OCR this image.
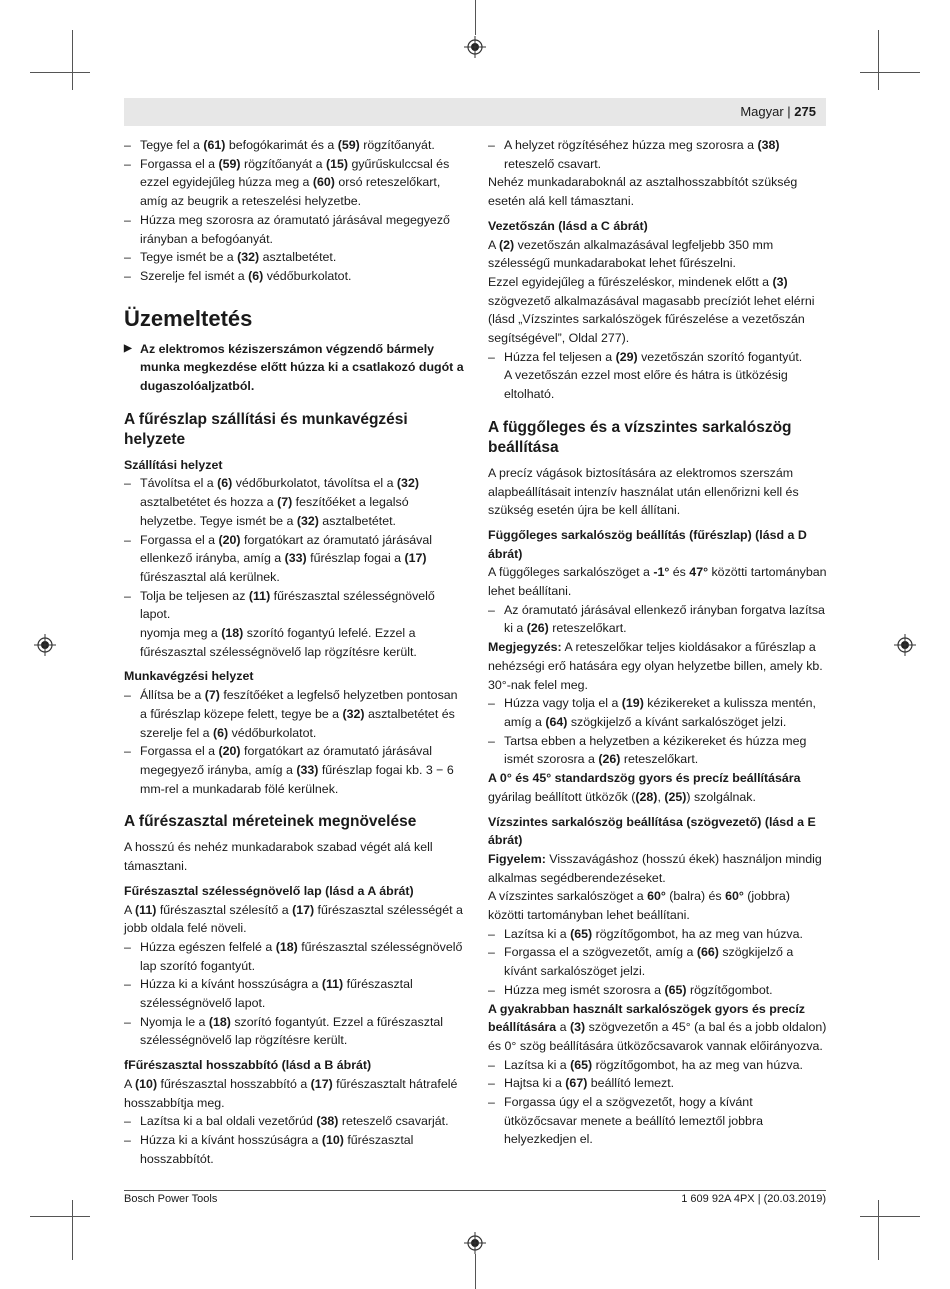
Magyar | 275

– Tegye fel a (61) befogókarimát és a (59) rögzítőanyát.

– Forgassa el a (59) rögzítőanyát a (15) gyűrűskulccsal és ezzel egyidejűleg húzza meg a (60) orsó reteszelőkart, amíg az beugrik a reteszelési helyzetbe.

– Húzza meg szorosra az óramutató járásával megegyező irányban a befogóanyát.

– Tegye ismét be a (32) asztalbetétet.

– Szerelje fel ismét a (6) védőburkolatot.

Üzemeltetés

▶ Az elektromos kéziszerszámon végzendő bármely munka megkezdése előtt húzza ki a csatlakozó dugót a dugaszolóaljzatból.

A fűrészlap szállítási és munkavégzési helyzete

Szállítási helyzet

– Távolítsa el a (6) védőburkolatot, távolítsa el a (32) asztalbetétet és hozza a (7) feszítőéket a legalsó helyzetbe. Tegye ismét be a (32) asztalbetétet.

– Forgassa el a (20) forgatókart az óramutató járásával ellenkező irányba, amíg a (33) fűrészlap fogai a (17) fűrészasztal alá kerülnek.

– Tolja be teljesen az (11) fűrészasztal szélességnövelő lapot.

nyomja meg a (18) szorító fogantyú lefelé. Ezzel a fűrészasztal szélességnövelő lap rögzítésre került.

Munkavégzési helyzet

– Állítsa be a (7) feszítőéket a legfelső helyzetben pontosan a fűrészlap közepe felett, tegye be a (32) asztalbetétet és szerelje fel a (6) védőburkolatot.

– Forgassa el a (20) forgatókart az óramutató járásával megegyező irányba, amíg a (33) fűrészlap fogai kb. 3 − 6 mm-rel a munkadarab fölé kerülnek.

A fűrészasztal méreteinek megnövelése

A hosszú és nehéz munkadarabok szabad végét alá kell támasztani.

Fűrészasztal szélességnövelő lap (lásd a A ábrát)

A (11) fűrészasztal szélesítő a (17) fűrészasztal szélességét a jobb oldala felé növeli.

– Húzza egészen felfelé a (18) fűrészasztal szélességnövelő lap szorító fogantyút.

– Húzza ki a kívánt hosszúságra a (11) fűrészasztal szélességnövelő lapot.

– Nyomja le a (18) szorító fogantyút. Ezzel a fűrészasztal szélességnövelő lap rögzítésre került.

fFűrészasztal hosszabbító (lásd a B ábrát)

A (10) fűrészasztal hosszabbító a (17) fűrészasztalt hátrafelé hosszabbítja meg.

– Lazítsa ki a bal oldali vezetőrúd (38) reteszelő csavarját.

– Húzza ki a kívánt hosszúságra a (10) fűrészasztal hosszabbítót.

– A helyzet rögzítéséhez húzza meg szorosra a (38) reteszelő csavart.

Nehéz munkadaraboknál az asztalhosszabbítót szükség esetén alá kell támasztani.

Vezetőszán (lásd a C ábrát)

A (2) vezetőszán alkalmazásával legfeljebb 350 mm szélességű munkadarabokat lehet fűrészelni.

Ezzel egyidejűleg a fűrészeléskor, mindenek előtt a (3) szögvezető alkalmazásával magasabb precíziót lehet elérni (lásd „Vízszintes sarkalószögek fűrészelése a vezetőszán segítségével”, Oldal 277).

– Húzza fel teljesen a (29) vezetőszán szorító fogantyút.

A vezetőszán ezzel most előre és hátra is ütközésig eltolható.

A függőleges és a vízszintes sarkalószög beállítása

A precíz vágások biztosítására az elektromos szerszám alapbeállításait intenzív használat után ellenőrizni kell és szükség esetén újra be kell állítani.

Függőleges sarkalószög beállítás (fűrészlap) (lásd a D ábrát)

A függőleges sarkalószöget a -1° és 47° közötti tartományban lehet beállítani.

– Az óramutató járásával ellenkező irányban forgatva lazítsa ki a (26) reteszelőkart.

Megjegyzés: A reteszelőkar teljes kioldásakor a fűrészlap a nehézségi erő hatására egy olyan helyzetbe billen, amely kb. 30°-nak felel meg.

– Húzza vagy tolja el a (19) kézikereket a kulissza mentén, amíg a (64) szögkijelző a kívánt sarkalószöget jelzi.

– Tartsa ebben a helyzetben a kézikereket és húzza meg ismét szorosra a (26) reteszelőkart.

A 0° és 45° standardszög gyors és precíz beállítására gyárilag beállított ütközők ((28), (25)) szolgálnak.

Vízszintes sarkalószög beállítása (szögvezető) (lásd a E ábrát)

Figyelem: Visszavágáshoz (hosszú ékek) használjon mindig alkalmas segédberendezéseket.

A vízszintes sarkalószöget a 60° (balra) és 60° (jobbra) közötti tartományban lehet beállítani.

– Lazítsa ki a (65) rögzítőgombot, ha az meg van húzva.

– Forgassa el a szögvezetőt, amíg a (66) szögkijelző a kívánt sarkalószöget jelzi.

– Húzza meg ismét szorosra a (65) rögzítőgombot.

A gyakrabban használt sarkalószögek gyors és precíz beállítására a (3) szögvezetőn a 45° (a bal és a jobb oldalon) és 0° szög beállítására ütközőcsavarok vannak előirányozva.

– Lazítsa ki a (65) rögzítőgombot, ha az meg van húzva.

– Hajtsa ki a (67) beállító lemezt.

– Forgassa úgy el a szögvezetőt, hogy a kívánt ütközőcsavar menete a beállító lemeztől jobbra helyezkedjen el.

Bosch Power Tools	1 609 92A 4PX | (20.03.2019)
